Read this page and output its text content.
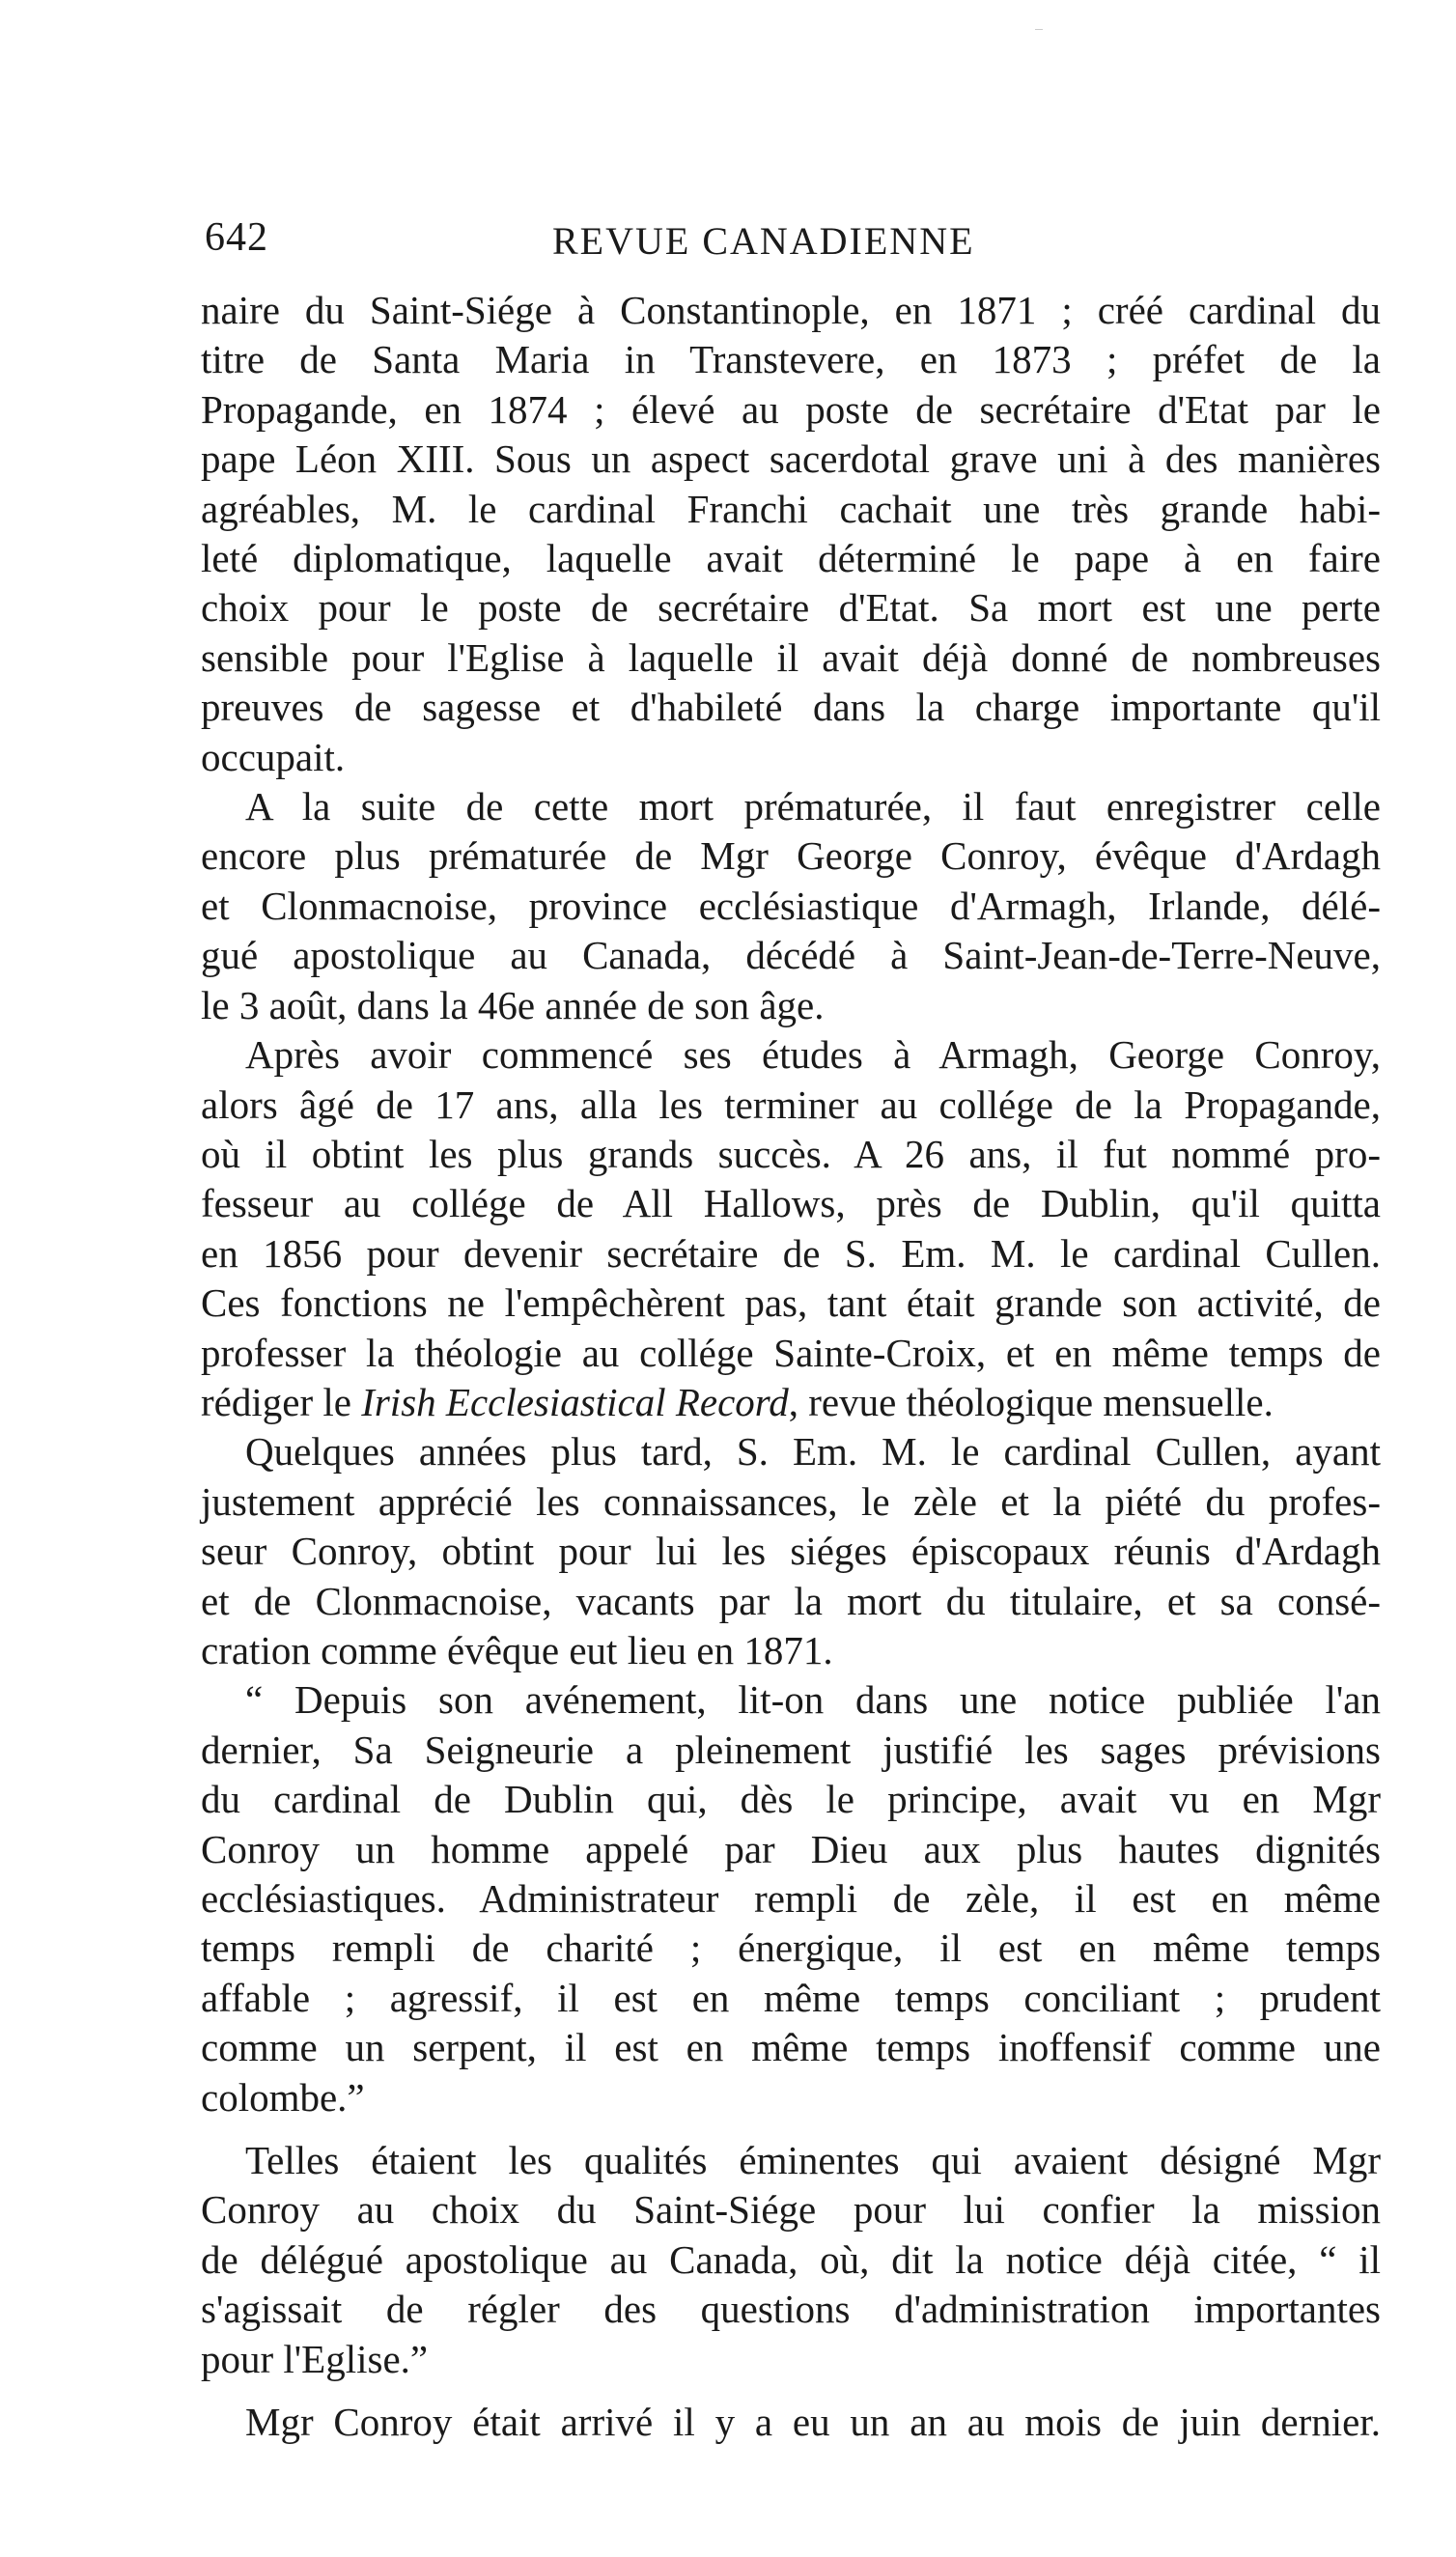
642	REVUE CANADIENNE

naire du Saint-Siége à Constantinople, en 1871 ; créé cardinal du
titre de Santa Maria in Transtevere, en 1873 ; préfet de la
Propagande, en 1874 ; élevé au poste de secrétaire d'Etat par le
pape Léon XIII. Sous un aspect sacerdotal grave uni à des manières
agréables, M. le cardinal Franchi cachait une très grande habi-
leté diplomatique, laquelle avait déterminé le pape à en faire
choix pour le poste de secrétaire d'Etat. Sa mort est une perte
sensible pour l'Eglise à laquelle il avait déjà donné de nombreuses
preuves de sagesse et d'habileté dans la charge importante qu'il
occupait.

A la suite de cette mort prématurée, il faut enregistrer celle
encore plus prématurée de Mgr George Conroy, évêque d'Ardagh
et Clonmacnoise, province ecclésiastique d'Armagh, Irlande, délé-
gué apostolique au Canada, décédé à Saint-Jean-de-Terre-Neuve,
le 3 août, dans la 46e année de son âge.

Après avoir commencé ses études à Armagh, George Conroy,
alors âgé de 17 ans, alla les terminer au collége de la Propagande,
où il obtint les plus grands succès. A 26 ans, il fut nommé pro-
fesseur au collége de All Hallows, près de Dublin, qu'il quitta
en 1856 pour devenir secrétaire de S. Em. M. le cardinal Cullen.
Ces fonctions ne l'empêchèrent pas, tant était grande son activité, de
professer la théologie au collége Sainte-Croix, et en même temps de
rédiger le Irish Ecclesiastical Record, revue théologique mensuelle.

Quelques années plus tard, S. Em. M. le cardinal Cullen, ayant
justement apprécié les connaissances, le zèle et la piété du profes-
seur Conroy, obtint pour lui les siéges épiscopaux réunis d'Ardagh
et de Clonmacnoise, vacants par la mort du titulaire, et sa consé-
cration comme évêque eut lieu en 1871.

“ Depuis son avénement, lit-on dans une notice publiée l'an
dernier, Sa Seigneurie a pleinement justifié les sages prévisions
du cardinal de Dublin qui, dès le principe, avait vu en Mgr
Conroy un homme appelé par Dieu aux plus hautes dignités
ecclésiastiques. Administrateur rempli de zèle, il est en même
temps rempli de charité ; énergique, il est en même temps
affable ; agressif, il est en même temps conciliant ; prudent
comme un serpent, il est en même temps inoffensif comme une
colombe.”

Telles étaient les qualités éminentes qui avaient désigné Mgr
Conroy au choix du Saint-Siége pour lui confier la mission
de délégué apostolique au Canada, où, dit la notice déjà citée, “ il
s'agissait de régler des questions d'administration importantes
pour l'Eglise.”

Mgr Conroy était arrivé il y a eu un an au mois de juin dernier.
